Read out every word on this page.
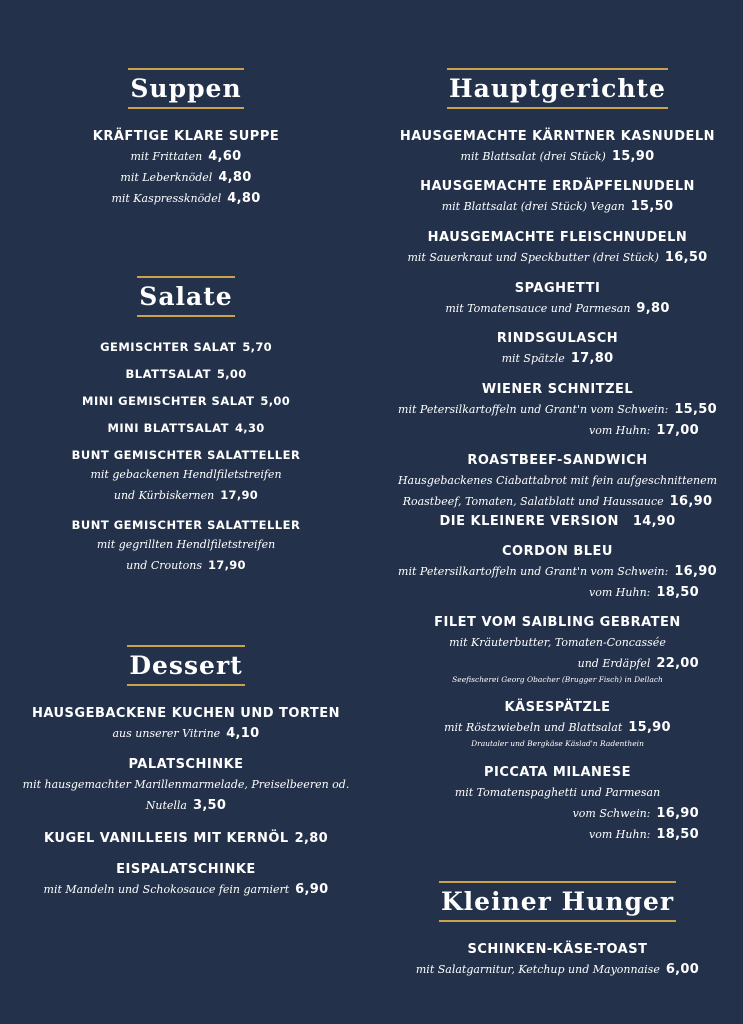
Suppen
KRÄFTIGE KLARE SUPPE
mit Frittaten 4,60
mit Leberknödel 4,80
mit Kaspressknödel 4,80
Salate
GEMISCHTER SALAT 5,70
BLATTSALAT 5,00
MINI GEMISCHTER SALAT 5,00
MINI BLATTSALAT 4,30
BUNT GEMISCHTER SALATTELLER
mit gebackenen Hendlfiletstreifen
und Kürbiskernen 17,90
BUNT GEMISCHTER SALATTELLER
mit gegrillten Hendlfiletstreifen
und Croutons 17,90
Dessert
HAUSGEBACKENE KUCHEN UND TORTEN
aus unserer Vitrine 4,10
PALATSCHINKE
mit hausgemachter Marillenmarmelade, Preiselbeeren od.
Nutella 3,50
KUGEL VANILLEEIS MIT KERNÖL 2,80
EISPALATSCHINKE
mit Mandeln und Schokosauce fein garniert 6,90
Hauptgerichte
HAUSGEMACHTE KÄRNTNER KASNUDELN
mit Blattsalat (drei Stück) 15,90
HAUSGEMACHTE ERDÄPFELNUDELN
mit Blattsalat (drei Stück) Vegan 15,50
HAUSGEMACHTE FLEISCHNUDELN
mit Sauerkraut und Speckbutter (drei Stück) 16,50
SPAGHETTI
mit Tomatensauce und Parmesan 9,80
RINDSGULASCH
mit Spätzle 17,80
WIENER SCHNITZEL
mit Petersilkartoffeln und Grant'n vom Schwein: 15,50
vom Huhn: 17,00
ROASTBEEF-SANDWICH
Hausgebackenes Ciabattabrot mit fein aufgeschnittenem
Roastbeef, Tomaten, Salatblatt und Haussauce 16,90
DIE KLEINERE VERSION 14,90
CORDON BLEU
mit Petersilkartoffeln und Grant'n vom Schwein: 16,90
vom Huhn: 18,50
FILET VOM SAIBLING GEBRATEN
mit Kräuterbutter, Tomaten-Concassée
und Erdäpfel 22,00
Seefischerei Georg Obacher (Brugger Fisch) in Dellach
KÄSESPÄTZLE
mit Röstzwiebeln und Blattsalat 15,90
Drautaler und Bergkäse Käslad'n Radenthein
PICCATA MILANESE
mit Tomatenspaghetti und Parmesan
vom Schwein: 16,90
vom Huhn: 18,50
Kleiner Hunger
SCHINKEN-KÄSE-TOAST
mit Salatgarnitur, Ketchup und Mayonnaise 6,00
